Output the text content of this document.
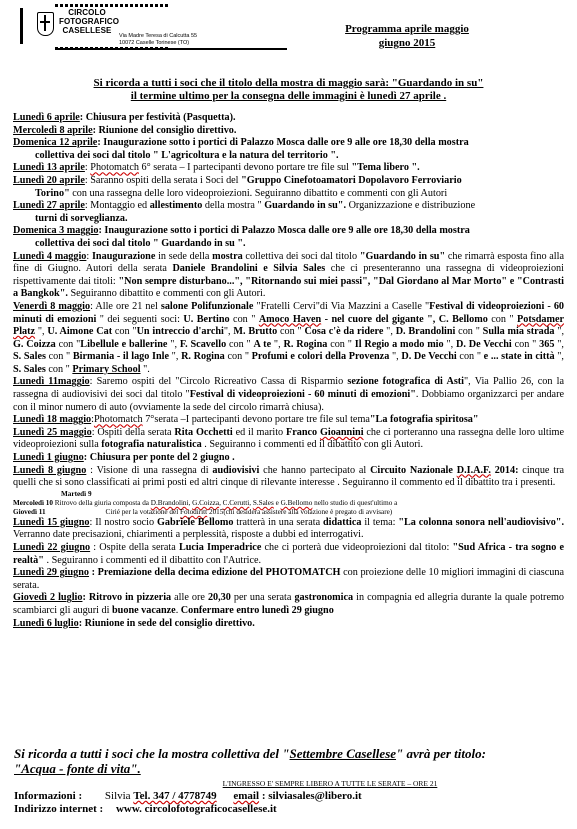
CIRCOLO
FOTOGRAFICO
CASELLESE
Via Madre Teresa di Calcutta 55
10072 Caselle Torinese (TO)
Programma aprile maggio
giugno 2015
Si ricorda a tutti i soci che il titolo della mostra di maggio sarà: "Guardando in su"
il termine ultimo per la consegna delle immagini è lunedì 27 aprile .

Lunedì 6 aprile: Chiusura per festività (Pasquetta).

Mercoledì 8 aprile: Riunione del consiglio direttivo.

Domenica 12 aprile: Inaugurazione sotto i portici di Palazzo Mosca dalle ore 9 alle ore 18,30 della mostra
collettiva dei soci dal titolo " L'agricoltura e la natura del territorio ".

Lunedì 13 aprile: Photomatch 6° serata – I partecipanti devono portare tre file sul "Tema libero ".

Lunedì 20 aprile: Saranno ospiti della serata i Soci del "Gruppo Cinefotoamatori Dopolavoro Ferroviario
Torino" con una rassegna delle loro videoproiezioni. Seguiranno dibattito e commenti con gli Autori

Lunedì 27 aprile: Montaggio ed allestimento della mostra " Guardando in su". Organizzazione e distribuzione
turni di sorveglianza.

Domenica 3 maggio: Inaugurazione sotto i portici di Palazzo Mosca dalle ore 9 alle ore 18,30 della mostra
collettiva dei soci dal titolo " Guardando in su ".

Lunedì 4 maggio: Inaugurazione in sede della mostra collettiva dei soci dal titolo "Guardando in su" che rimarrà esposta fino alla fine di Giugno. Autori della serata Daniele Brandolini e Silvia Sales che ci presenteranno una rassegna di videoproiezioni rispettivamente dai titoli: "Non sempre disturbano...", "Ritornando sui miei passi", "Dal Giordano al Mar Morto" e "Contrasti a Bangkok". Seguiranno dibattito e commenti con gli Autori.

Venerdì 8 maggio: Alle ore 21 nel salone Polifunzionale "Fratelli Cervi"di Via Mazzini a Caselle "Festival di videoproiezioni - 60 minuti di emozioni " dei seguenti soci: U. Bertino con " Amoco Haven - nel cuore del gigante ", C. Bellomo con " Potsdamer Platz ", U. Aimone Cat con "Un intreccio d'archi", M. Brutto con " Cosa c'è da ridere ", D. Brandolini con " Sulla mia strada ", G. Coizza con "Libellule e ballerine ", F. Scavello con " A te ", R. Rogina con " Il Regio a modo mio ", D. De Vecchi con " 365 ", S. Sales con " Birmania - il lago Inle ", R. Rogina con " Profumi e colori della Provenza ", D. De Vecchi con " e ... state in città ", S. Sales con " Primary School ".

Lunedì 11maggio: Saremo ospiti del "Circolo Ricreativo Cassa di Risparmio sezione fotografica di Asti", Via Pallio 26, con la rassegna di audiovisivi dei soci dal titolo "Festival di videoproiezioni - 60 minuti di emozioni". Dobbiamo organizzarci per andare con il minor numero di auto (ovviamente la sede del circolo rimarrà chiusa).

Lunedì 18 maggio:Photomatch 7°serata –I partecipanti devono portare tre file sul tema"La fotografia spiritosa"

Lunedì 25 maggio: Ospiti della serata Rita Occhetti ed il marito Franco Gioannini che ci porteranno una rassegna delle loro ultime videoproiezioni sulla fotografia naturalistica . Seguiranno i commenti ed il dibattito con gli Autori.

Lunedì 1 giugno: Chiusura per ponte del 2 giugno .

Lunedì 8 giugno : Visione di una rassegna di audiovisivi che hanno partecipato al Circuito Nazionale D.I.A.F. 2014: cinque tra quelli che si sono classificati ai primi posti ed altri cinque di rilevante interesse . Seguiranno il commento ed il dibattito tra i presenti.

Martedì 9
Mercoledì 10 Ritrovo della giuria composta da D.Brandolini, G.Coizza, C.Cerutti, S.Sales e G.Bellomo nello studio di quest'ultimo a
Giovedì 11	Cirié per la votazione del Fotodiritt 2015(chi desidera assistere alla votazione è pregato di avvisare)

Lunedì 15 giugno: Il nostro socio Gabriele Bellomo tratterà in una serata didattica il tema: "La colonna sonora nell'audiovisivo". Verranno date precisazioni, chiarimenti a perplessità, risposte a dubbi ed interrogativi.

Lunedì 22 giugno : Ospite della serata Lucia Imperadrice che ci porterà due videoproiezioni dal titolo: "Sud Africa - tra sogno e realtà" . Seguiranno i commenti ed il dibattito con l'Autrice.

Lunedì 29 giugno : Premiazione della decima edizione del PHOTOMATCH con proiezione delle 10 migliori immagini di ciascuna serata.

Giovedì 2 luglio: Ritrovo in pizzeria alle ore 20,30 per una serata gastronomica in compagnia ed allegria durante la quale potremo scambiarci gli auguri di buone vacanze. Confermare entro lunedì 29 giugno

Lunedì 6 luglio: Riunione in sede del consiglio direttivo.

Si ricorda a tutti i soci che la mostra collettiva del "Settembre Casellese" avrà per titolo:
"Acqua - fonte di vita".
L'INGRESSO E' SEMPRE LIBERO A TUTTE LE SERATE – ORE 21
Informazioni : Silvia Tel. 347 / 4778749 email : silviasales@libero.it
Indirizzo internet : www. circolofotograficocasellese.it
